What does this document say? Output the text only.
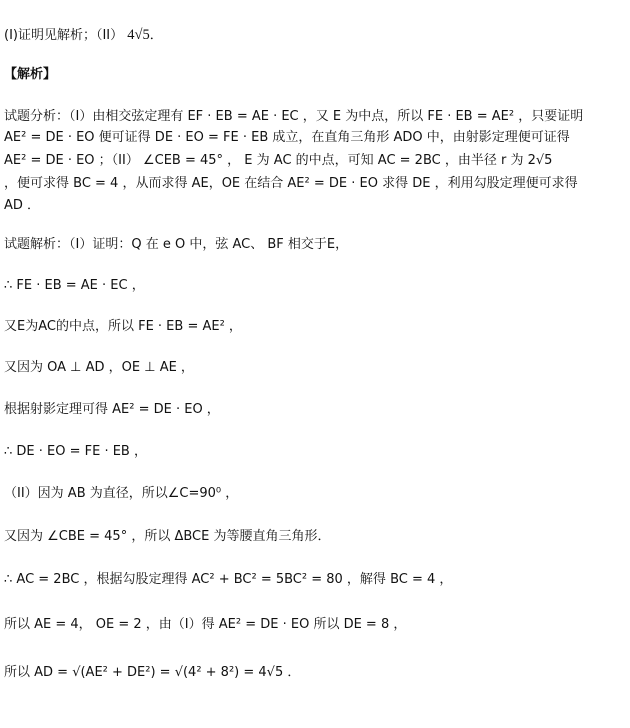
(I)证明见解析；（II） 4√5．
【解析】
试题分析：（I）由相交弦定理有 EF · EB = AE · EC ，又 E 为中点，所以 FE · EB = AE² ，只要证明
AE² = DE · EO 便可证得 DE · EO = FE · EB 成立，在直角三角形 ADO 中，由射影定理便可证得
AE² = DE · EO ；（II） ∠CEB = 45° ， E 为 AC 的中点，可知 AC = 2BC ，由半径 r 为 2√5
，便可求得 BC = 4 ，从而求得 AE，OE 在结合 AE² = DE · EO 求得 DE ，利用勾股定理便可求得
AD ．
试题解析：（I）证明：Q 在 e O 中，弦 AC、 BF 相交于E，
∴ FE · EB = AE · EC ，
又E为AC的中点，所以 FE · EB = AE² ，
又因为 OA ⊥ AD ，OE ⊥ AE ，
根据射影定理可得 AE² = DE · EO ，
∴ DE · EO = FE · EB ，
（II）因为 AB 为直径，所以∠C=90⁰ ，
又因为 ∠CBE = 45° ，所以 ΔBCE 为等腰直角三角形．
∴ AC = 2BC ，根据勾股定理得 AC² + BC² = 5BC² = 80 ，解得 BC = 4 ，
所以 AE = 4， OE = 2 ，由（I）得 AE² = DE · EO 所以 DE = 8 ，
所以 AD = √(AE² + DE²) = √(4² + 8²) = 4√5 ．
